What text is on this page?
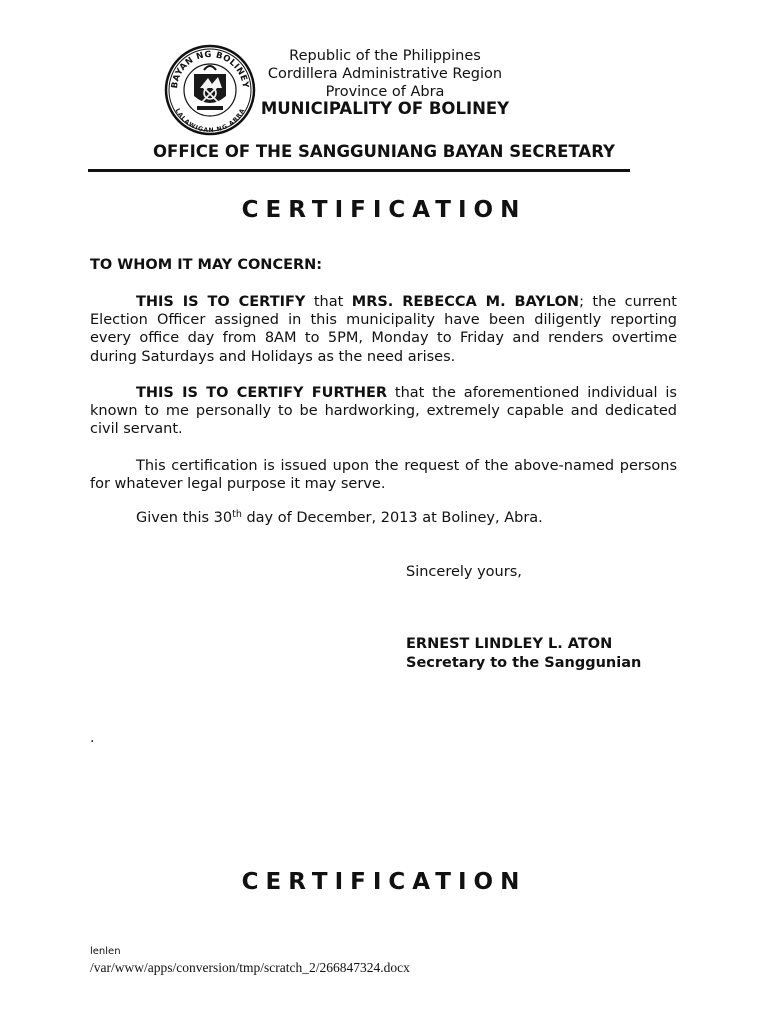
BAYAN NG BOLINEY
LALAWIGAN NG ABRA
Republic of the Philippines
Cordillera Administrative Region
Province of Abra
MUNICIPALITY OF BOLINEY
OFFICE OF THE SANGGUNIANG BAYAN SECRETARY
CERTIFICATION
TO WHOM IT MAY CONCERN:
THIS IS TO CERTIFY that MRS. REBECCA M. BAYLON; the current Election Officer assigned in this municipality have been diligently reporting every office day from 8AM to 5PM, Monday to Friday and renders overtime during Saturdays and Holidays as the need arises.
THIS IS TO CERTIFY FURTHER that the aforementioned individual is known to me personally to be hardworking, extremely capable and dedicated civil servant.
This certification is issued upon the request of the above-named persons for whatever legal purpose it may serve.
Given this 30th day of December, 2013 at Boliney, Abra.
Sincerely yours,
ERNEST LINDLEY L. ATON
Secretary to the Sanggunian
.
CERTIFICATION
lenlen
/var/www/apps/conversion/tmp/scratch_2/266847324.docx
